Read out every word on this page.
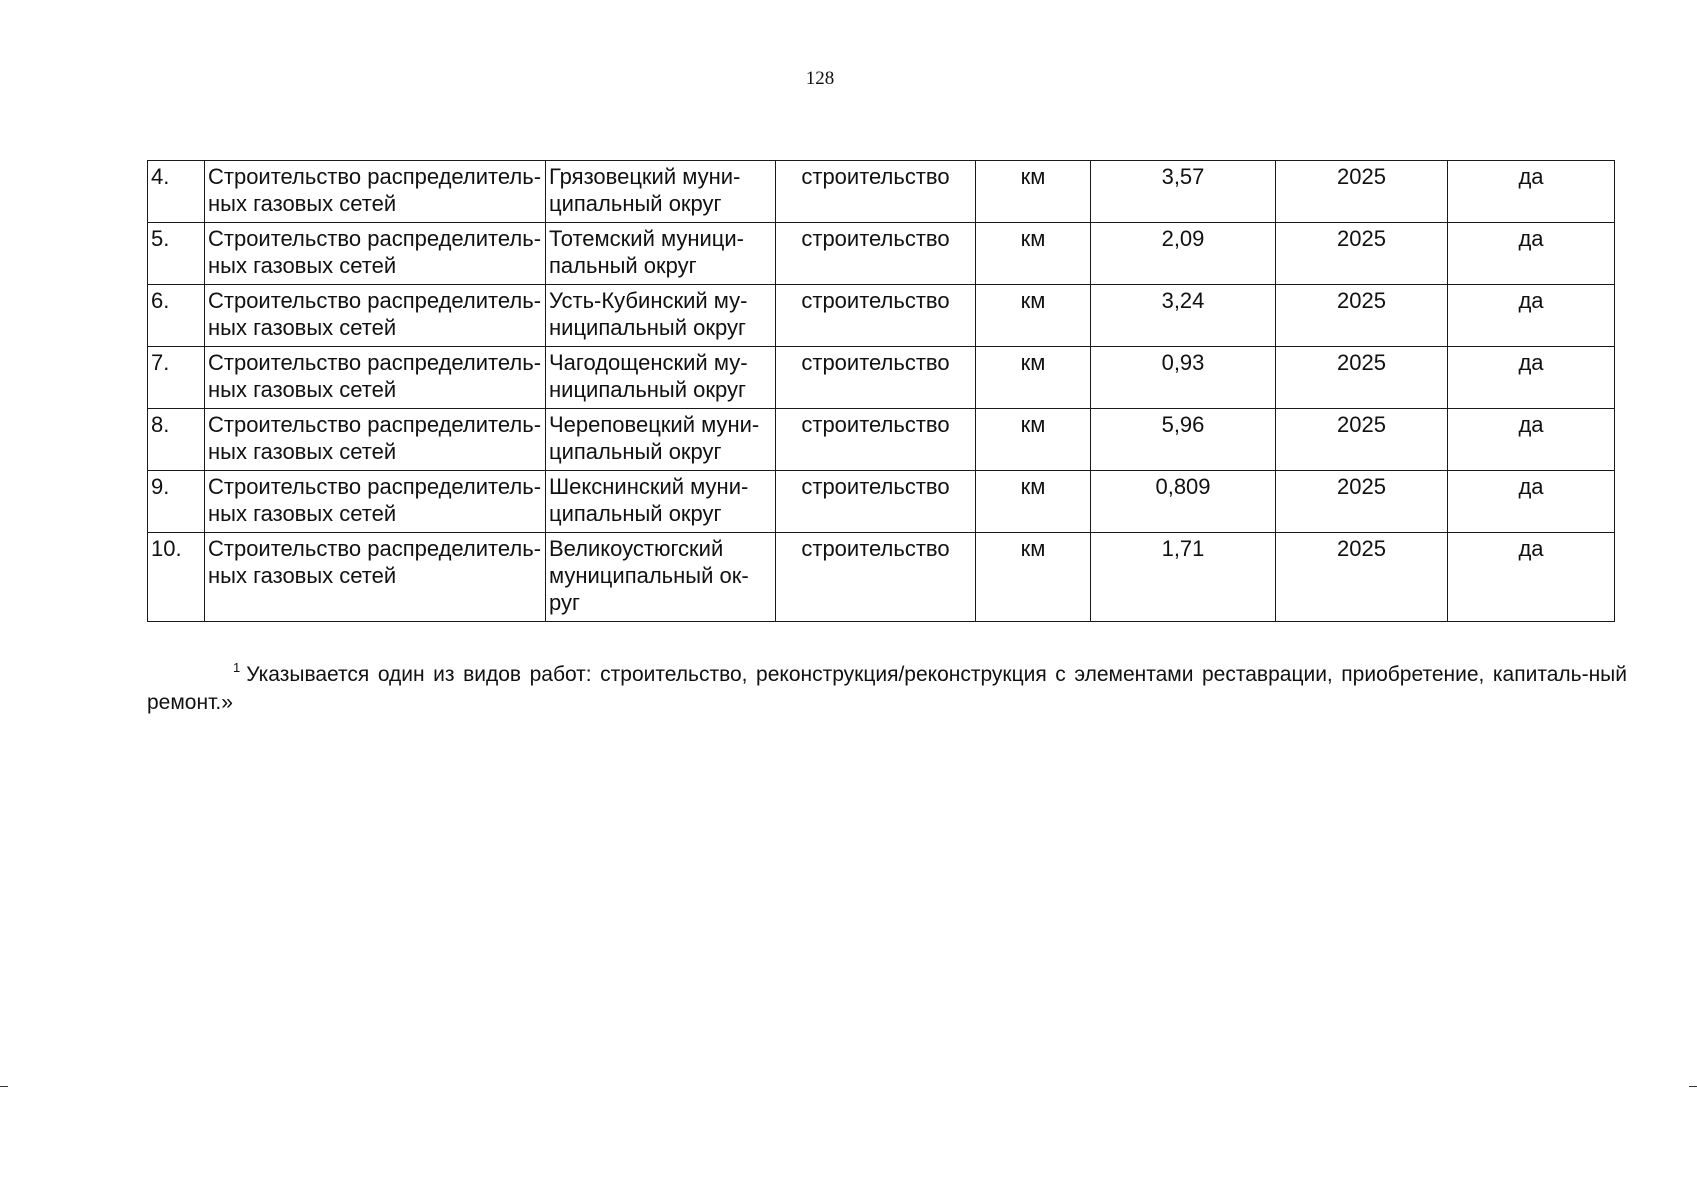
128
4.	Строительство распределитель-ных газовых сетей	Грязовецкий муни-ципальный округ	строительство	км	3,57	2025	да
5.	Строительство распределитель-ных газовых сетей	Тотемский муници-пальный округ	строительство	км	2,09	2025	да
6.	Строительство распределитель-ных газовых сетей	Усть-Кубинский му-ниципальный округ	строительство	км	3,24	2025	да
7.	Строительство распределитель-ных газовых сетей	Чагодощенский му-ниципальный округ	строительство	км	0,93	2025	да
8.	Строительство распределитель-ных газовых сетей	Череповецкий муни-ципальный округ	строительство	км	5,96	2025	да
9.	Строительство распределитель-ных газовых сетей	Шекснинский муни-ципальный округ	строительство	км	0,809	2025	да
10.	Строительство распределитель-ных газовых сетей	Великоустюгский муниципальный ок-руг	строительство	км	1,71	2025	да
$^1$ Указывается один из видов работ: строительство, реконструкция/реконструкция с элементами реставрации, приобретение, капиталь-ный ремонт.»
